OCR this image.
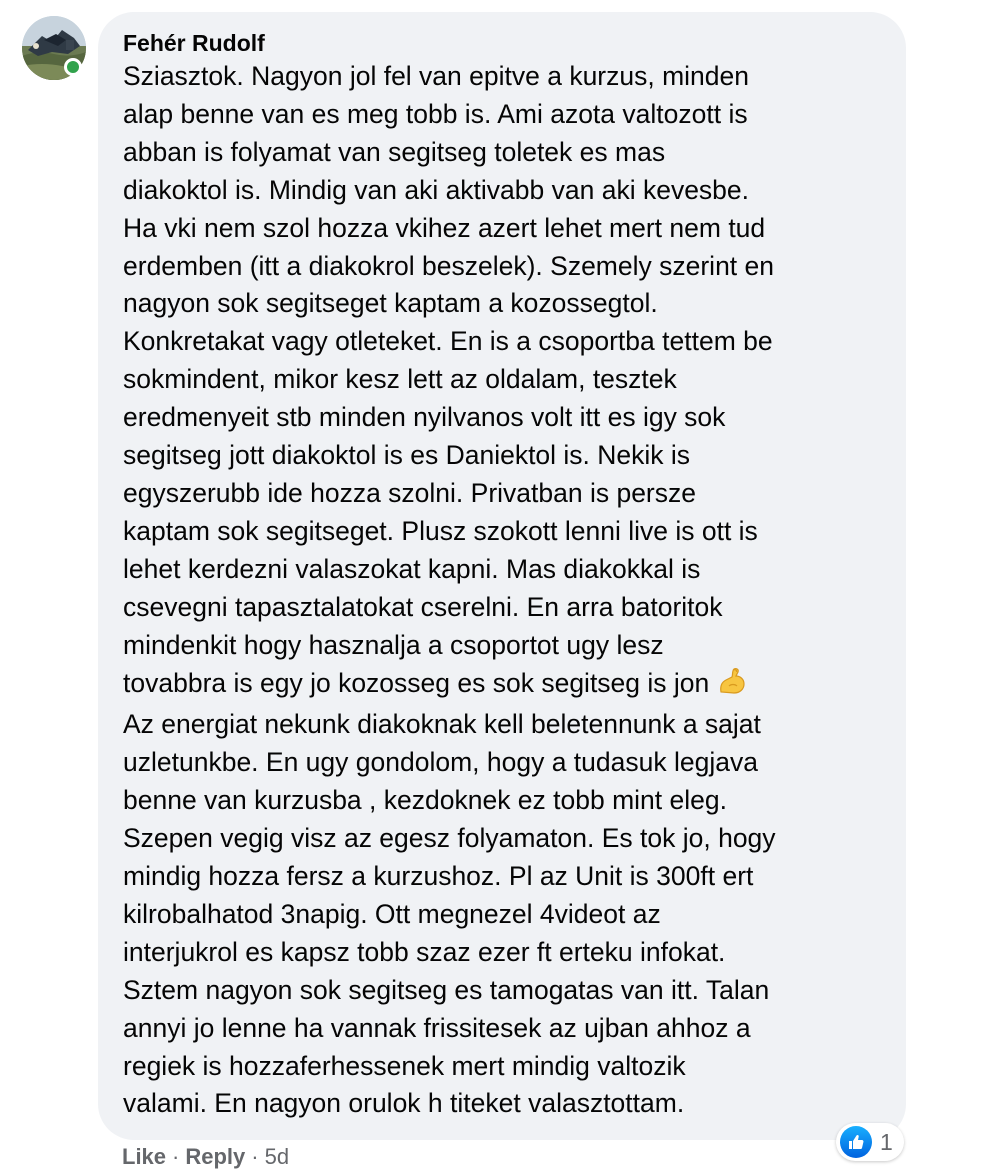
Fehér Rudolf
Sziasztok. Nagyon jol fel van epitve a kurzus, minden
alap benne van es meg tobb is. Ami azota valtozott is
abban is folyamat van segitseg toletek es mas
diakoktol is. Mindig van aki aktivabb van aki kevesbe.
Ha vki nem szol hozza vkihez azert lehet mert nem tud
erdemben (itt a diakokrol beszelek). Szemely szerint en
nagyon sok segitseget kaptam a kozossegtol.
Konkretakat vagy otleteket. En is a csoportba tettem be
sokmindent, mikor kesz lett az oldalam, tesztek
eredmenyeit stb minden nyilvanos volt itt es igy sok
segitseg jott diakoktol is es Daniektol is. Nekik is
egyszerubb ide hozza szolni. Privatban is persze
kaptam sok segitseget. Plusz szokott lenni live is ott is
lehet kerdezni valaszokat kapni. Mas diakokkal is
csevegni tapasztalatokat cserelni. En arra batoritok
mindenkit hogy hasznalja a csoportot ugy lesz
tovabbra is egy jo kozosseg es sok segitseg is jon
Az energiat nekunk diakoknak kell beletennunk a sajat
uzletunkbe. En ugy gondolom, hogy a tudasuk legjava
benne van kurzusba , kezdoknek ez tobb mint eleg.
Szepen vegig visz az egesz folyamaton. Es tok jo, hogy
mindig hozza fersz a kurzushoz. Pl az Unit is 300ft ert
kilrobalhatod 3napig. Ott megnezel 4videot az
interjukrol es kapsz tobb szaz ezer ft erteku infokat.
Sztem nagyon sok segitseg es tamogatas van itt. Talan
annyi jo lenne ha vannak frissitesek az ujban ahhoz a
regiek is hozzaferhessenek mert mindig valtozik
valami. En nagyon orulok h titeket valasztottam.
1
Like · Reply · 5d
